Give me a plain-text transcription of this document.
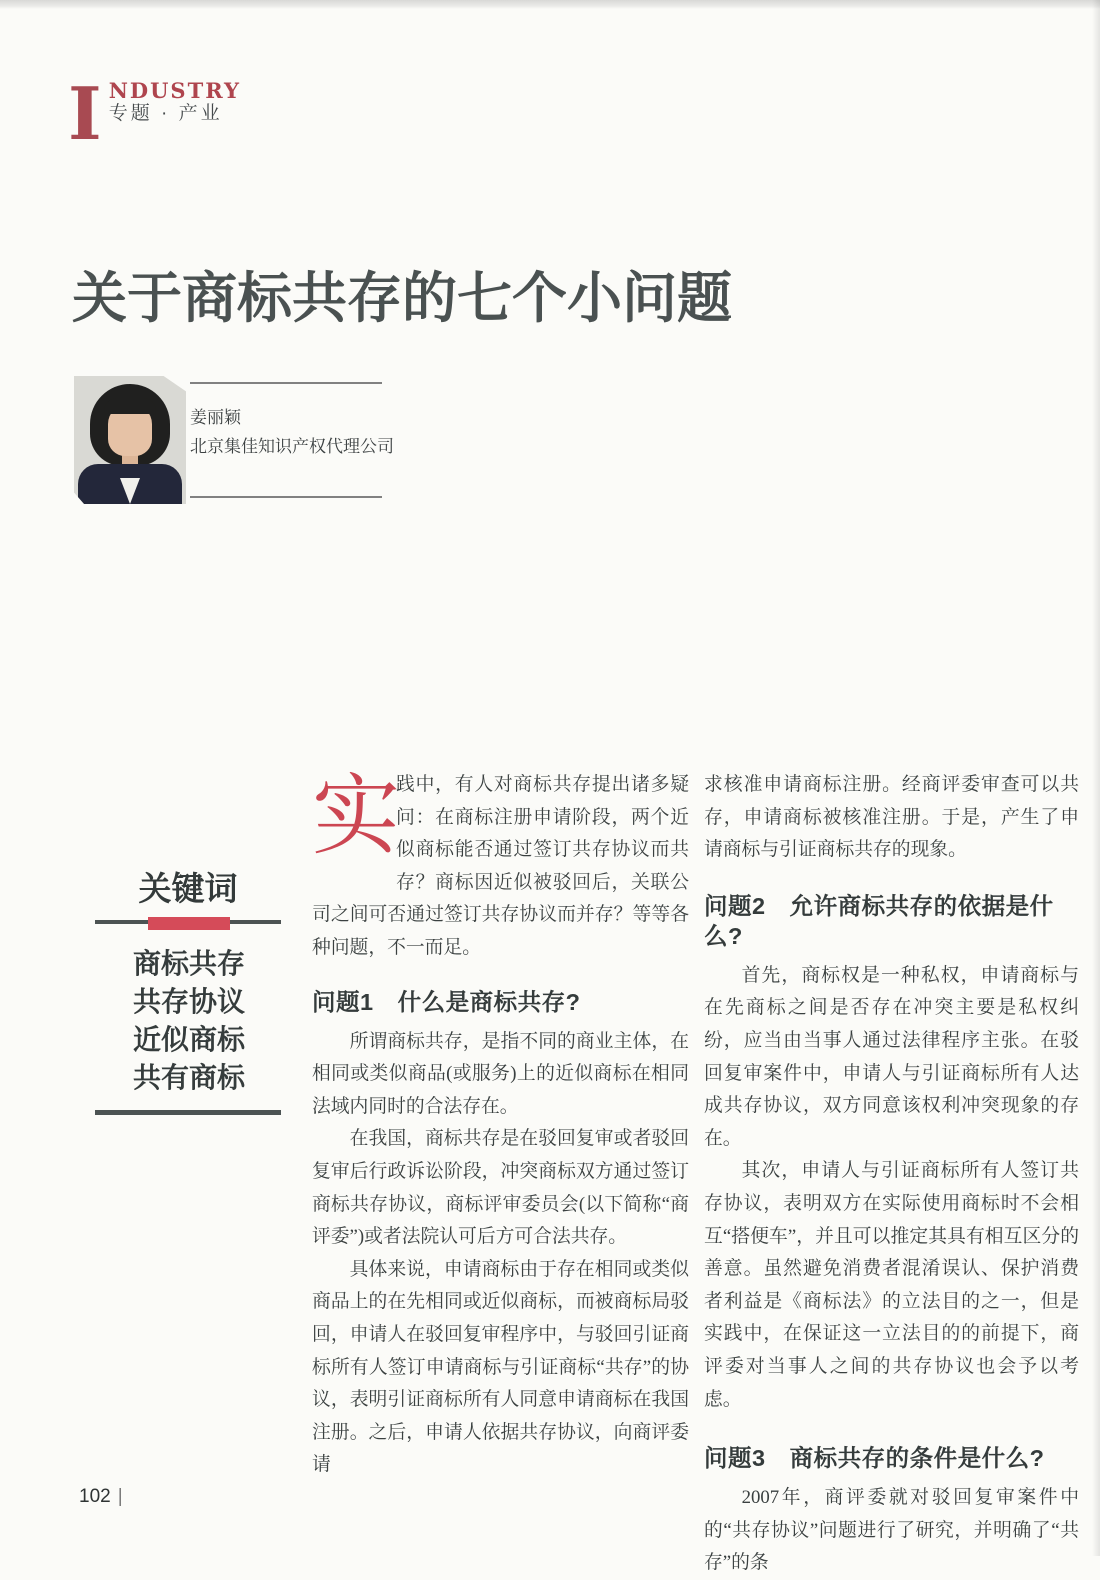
I NDUSTRY
专题 · 产业
关于商标共存的七个小问题
姜丽颖
北京集佳知识产权代理公司
关键词
商标共存
共存协议
近似商标
共有商标

实
践中，有人对商标共存提出诸多疑问：在商标注册申请阶段，两个近似商标能否通过签订共存协议而共存？商标因近似被驳回后，关联公司之间可否通过签订共存协议而并存？等等各种问题，不一而足。

问题1　什么是商标共存?

所谓商标共存，是指不同的商业主体，在相同或类似商品(或服务)上的近似商标在相同法域内同时的合法存在。

在我国，商标共存是在驳回复审或者驳回复审后行政诉讼阶段，冲突商标双方通过签订商标共存协议，商标评审委员会(以下简称“商评委”)或者法院认可后方可合法共存。

具体来说，申请商标由于存在相同或类似商品上的在先相同或近似商标，而被商标局驳回，申请人在驳回复审程序中，与驳回引证商标所有人签订申请商标与引证商标“共存”的协议，表明引证商标所有人同意申请商标在我国注册。之后，申请人依据共存协议，向商评委请

求核准申请商标注册。经商评委审查可以共存，申请商标被核准注册。于是，产生了申请商标与引证商标共存的现象。

问题2　允许商标共存的依据是什么?

首先，商标权是一种私权，申请商标与在先商标之间是否存在冲突主要是私权纠纷，应当由当事人通过法律程序主张。在驳回复审案件中，申请人与引证商标所有人达成共存协议，双方同意该权利冲突现象的存在。

其次，申请人与引证商标所有人签订共存协议，表明双方在实际使用商标时不会相互“搭便车”，并且可以推定其具有相互区分的善意。虽然避免消费者混淆误认、保护消费者利益是《商标法》的立法目的之一，但是实践中，在保证这一立法目的的前提下，商评委对当事人之间的共存协议也会予以考虑。

问题3　商标共存的条件是什么?

2007年，商评委就对驳回复审案件中的“共存协议”问题进行了研究，并明确了“共存”的条

102 |
